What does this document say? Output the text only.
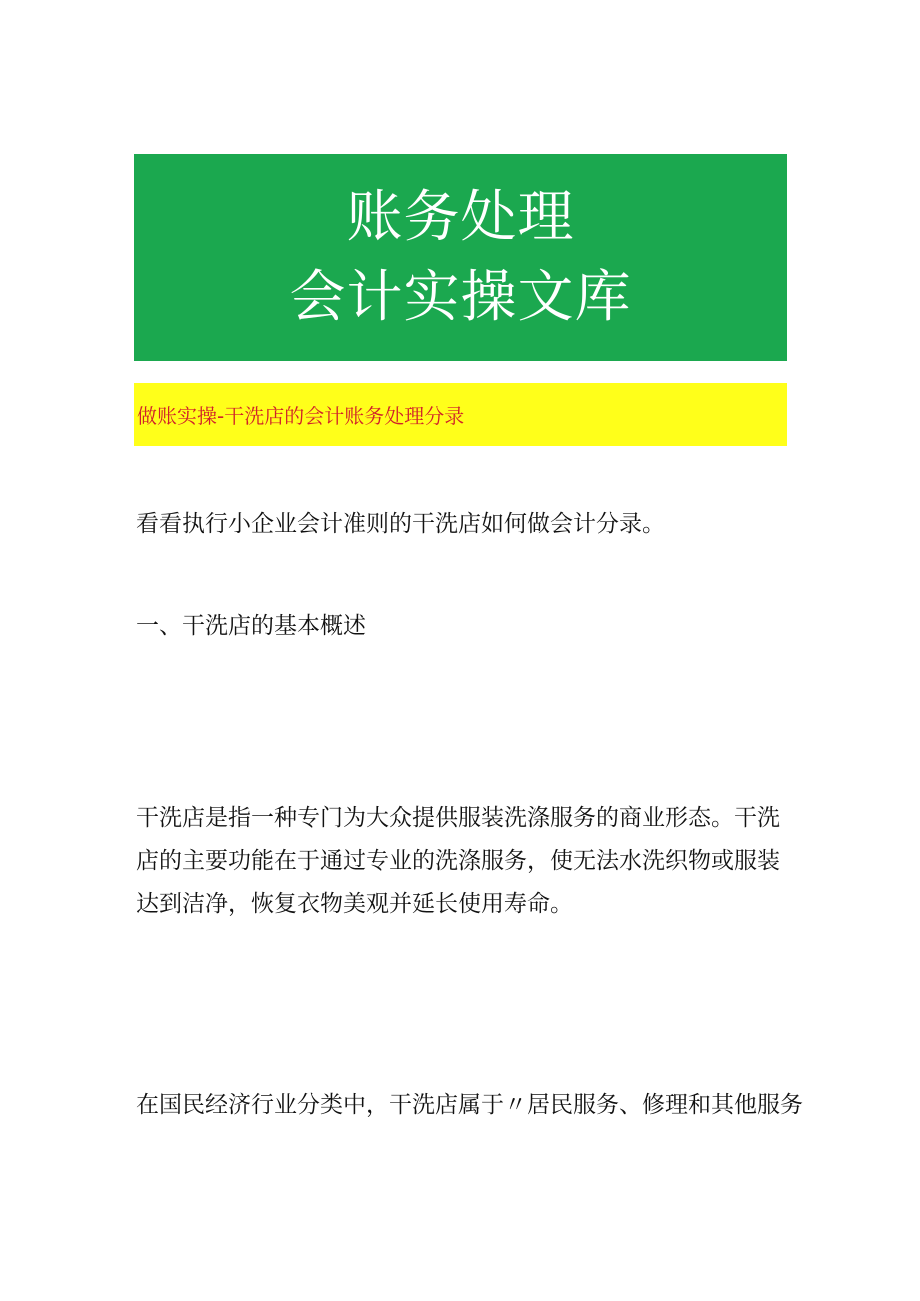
账务处理
会计实操文库
做账实操-干洗店的会计账务处理分录

看看执行小企业会计准则的干洗店如何做会计分录。

一、干洗店的基本概述

干洗店是指一种专门为大众提供服装洗涤服务的商业形态。干洗店的主要功能在于通过专业的洗涤服务，使无法水洗织物或服装达到洁净，恢复衣物美观并延长使用寿命。

在国民经济行业分类中，干洗店属于〃居民服务、修理和其他服务
